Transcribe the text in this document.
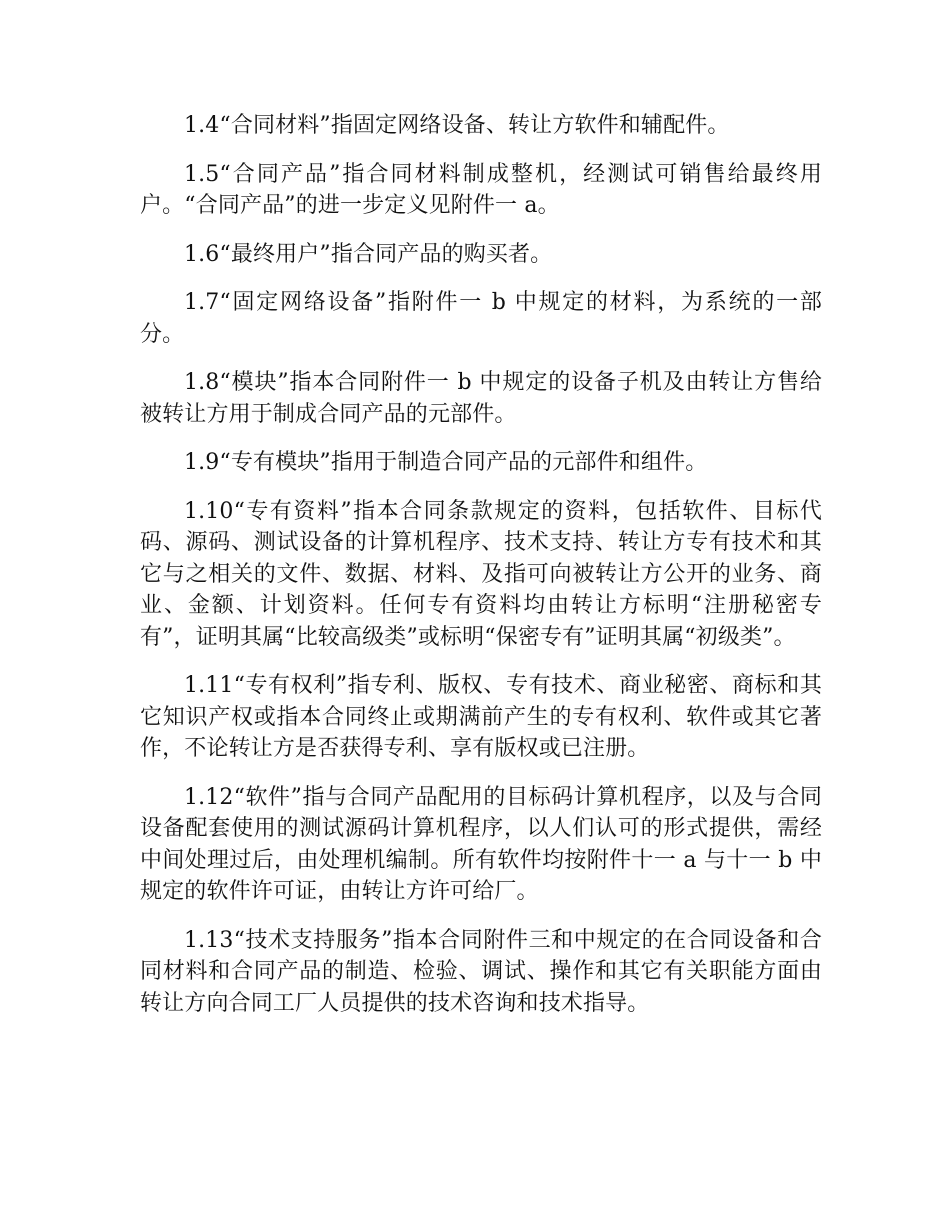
1.4“合同材料”指固定网络设备、转让方软件和辅配件。

1.5“合同产品”指合同材料制成整机，经测试可销售给最终用户。“合同产品”的进一步定义见附件一 a。

1.6“最终用户”指合同产品的购买者。

1.7“固定网络设备”指附件一 b 中规定的材料，为系统的一部分。

1.8“模块”指本合同附件一 b 中规定的设备子机及由转让方售给被转让方用于制成合同产品的元部件。

1.9“专有模块”指用于制造合同产品的元部件和组件。

1.10“专有资料”指本合同条款规定的资料，包括软件、目标代码、源码、测试设备的计算机程序、技术支持、转让方专有技术和其它与之相关的文件、数据、材料、及指可向被转让方公开的业务、商业、金额、计划资料。任何专有资料均由转让方标明“注册秘密专有”，证明其属“比较高级类”或标明“保密专有”证明其属“初级类”。

1.11“专有权利”指专利、版权、专有技术、商业秘密、商标和其它知识产权或指本合同终止或期满前产生的专有权利、软件或其它著作，不论转让方是否获得专利、享有版权或已注册。

1.12“软件”指与合同产品配用的目标码计算机程序，以及与合同设备配套使用的测试源码计算机程序，以人们认可的形式提供，需经中间处理过后，由处理机编制。所有软件均按附件十一 a 与十一 b 中规定的软件许可证，由转让方许可给厂。

1.13“技术支持服务”指本合同附件三和中规定的在合同设备和合同材料和合同产品的制造、检验、调试、操作和其它有关职能方面由转让方向合同工厂人员提供的技术咨询和技术指导。
